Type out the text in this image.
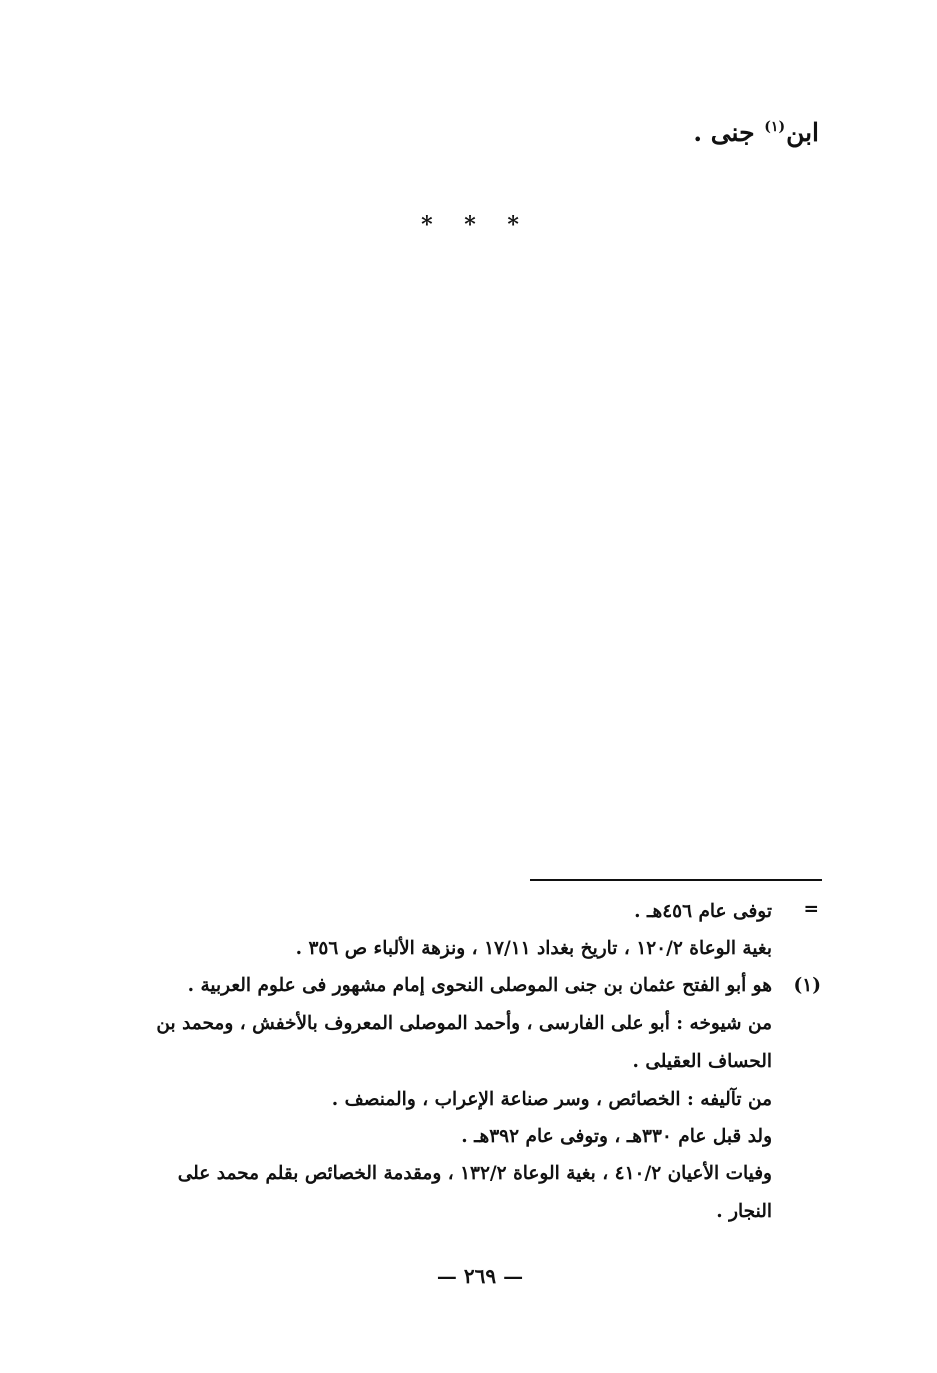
ابن$^{(١)}$ جنى .
* * *
=
توفى عام ٤٥٦هـ .
بغية الوعاة ١٢٠/٢ ، تاريخ بغداد ١٧/١١ ، ونزهة الألباء ص ٣٥٦ .
(١)
هو أبو الفتح عثمان بن جنى الموصلى النحوى إمام مشهور فى علوم العربية .
من شيوخه : أبو على الفارسى ، وأحمد الموصلى المعروف بالأخفش ، ومحمد بن
الحساف العقيلى .
من تآليفه : الخصائص ، وسر صناعة الإعراب ، والمنصف .
ولد قبل عام ٣٣٠هـ ، وتوفى عام ٣٩٢هـ .
وفيات الأعيان ٤١٠/٢ ، بغية الوعاة ١٣٢/٢ ، ومقدمة الخصائص بقلم محمد على
النجار .
— ٢٦٩ —
